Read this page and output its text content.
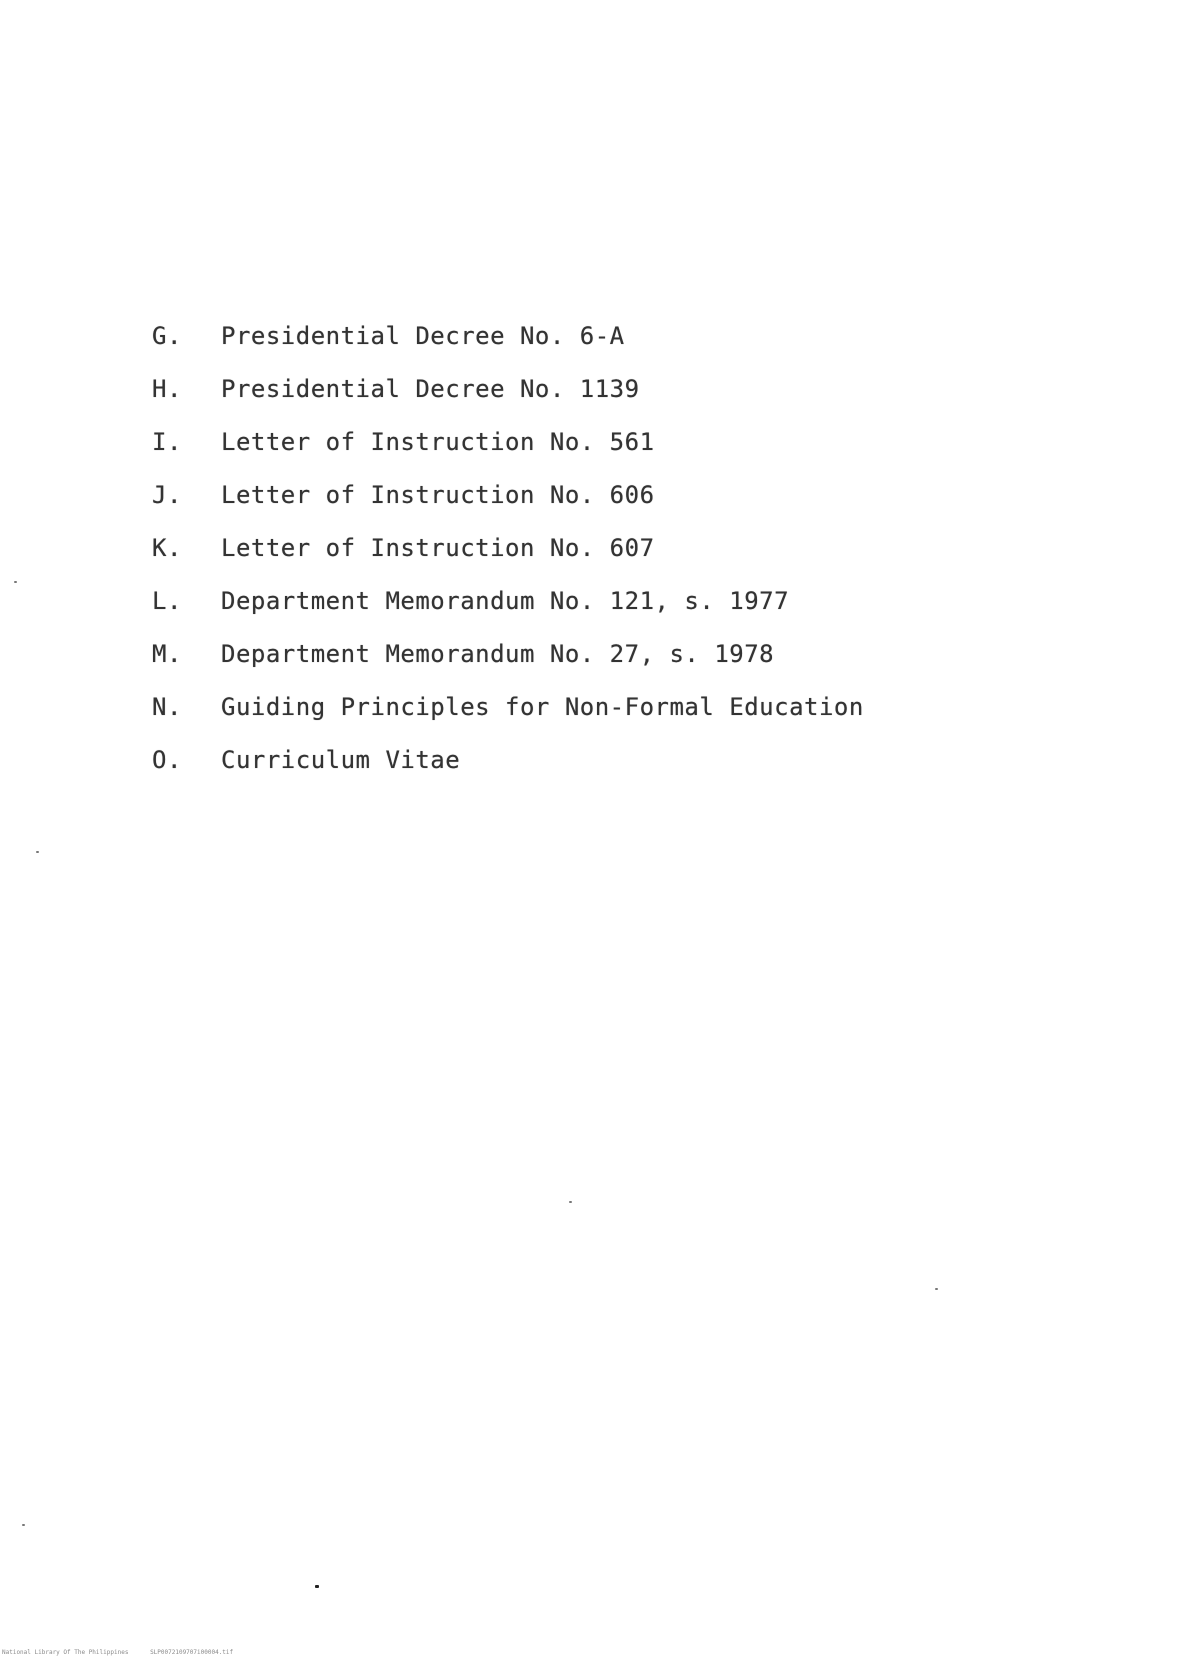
G.	Presidential Decree No. 6-A
H.	Presidential Decree No. 1139
I.	Letter of Instruction No. 561
J.	Letter of Instruction No. 606
K.	Letter of Instruction No. 607
L.	Department Memorandum No. 121, s. 1977
M.	Department Memorandum No. 27, s. 1978
N.	Guiding Principles for Non-Formal Education
O.	Curriculum Vitae
National Library Of The Philippines	SLP0072109707i00004.tif
